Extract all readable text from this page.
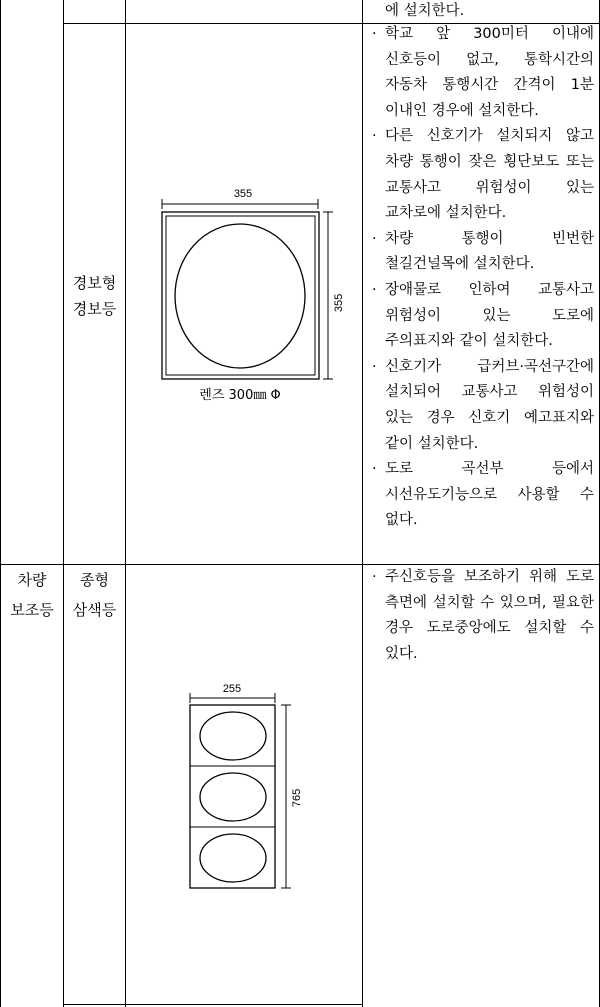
에 설치한다.
경보형
경보등
355
355
렌즈 300㎜ Φ
· 학교 앞 300미터 이내에 신호등이 없고, 통학시간의 자동차 통행시간 간격이 1분 이내인 경우에 설치한다.
· 다른 신호기가 설치되지 않고 차량 통행이 잦은 횡단보도 또는 교통사고 위험성이 있는 교차로에 설치한다.
· 차량 통행이 빈번한 철길건널목에 설치한다.
· 장애물로 인하여 교통사고 위험성이 있는 도로에 주의표지와 같이 설치한다.
· 신호기가 급커브·곡선구간에 설치되어 교통사고 위험성이 있는 경우 신호기 예고표지와 같이 설치한다.
· 도로 곡선부 등에서 시선유도기능으로 사용할 수 없다.
차량
보조등
종형
삼색등
255
765
· 주신호등을 보조하기 위해 도로 측면에 설치할 수 있으며, 필요한 경우 도로중앙에도 설치할 수 있다.
